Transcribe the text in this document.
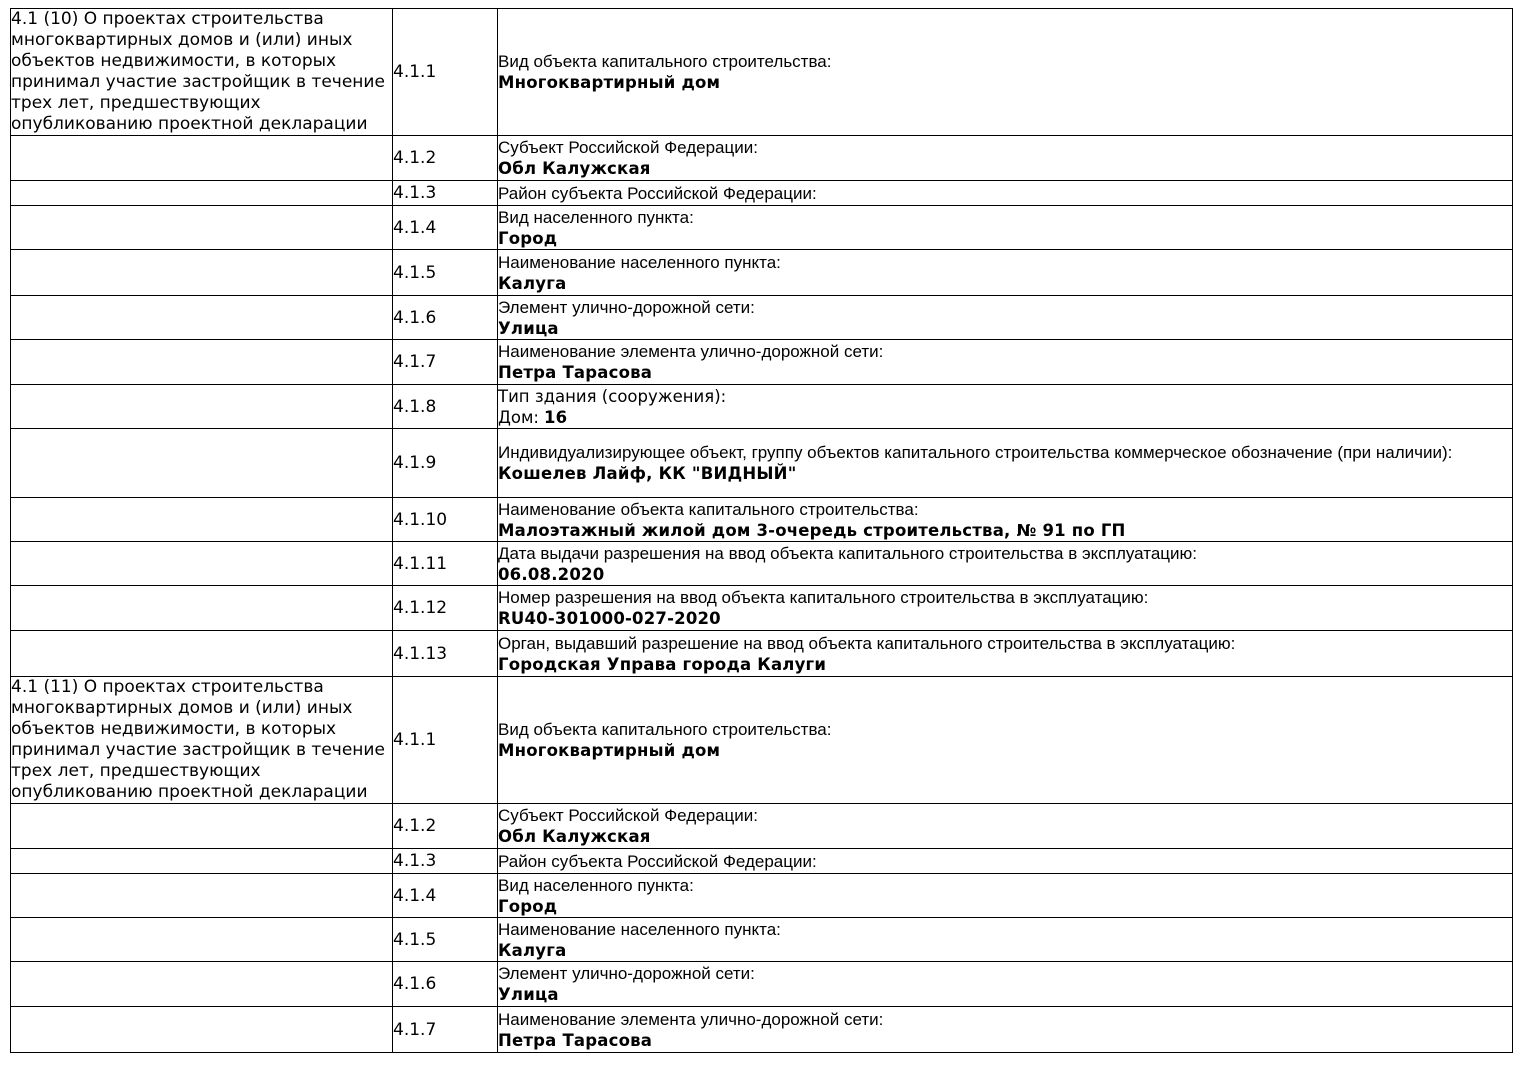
4.1 (10) О проектах строительства многоквартирных домов и (или) иных объектов недвижимости, в которых принимал участие застройщик в течение трех лет, предшествующих опубликованию проектной декларации	4.1.1	Вид объекта капитального строительства:
Многоквартирный дом

	4.1.2	Субъект Российской Федерации:
Обл Калужская

	4.1.3	Район субъекта Российской Федерации:

	4.1.4	Вид населенного пункта:
Город

	4.1.5	Наименование населенного пункта:
Калуга

	4.1.6	Элемент улично-дорожной сети:
Улица

	4.1.7	Наименование элемента улично-дорожной сети:
Петра Тарасова

	4.1.8	Тип здания (сооружения):
Дом: 16

	4.1.9	Индивидуализирующее объект, группу объектов капитального строительства коммерческое обозначение (при наличии):
Кошелев Лайф, КК "ВИДНЫЙ"

	4.1.10	Наименование объекта капитального строительства:
Малоэтажный жилой дом 3-очередь строительства, № 91 по ГП

	4.1.11	Дата выдачи разрешения на ввод объекта капитального строительства в эксплуатацию:
06.08.2020

	4.1.12	Номер разрешения на ввод объекта капитального строительства в эксплуатацию:
RU40-301000-027-2020

	4.1.13	Орган, выдавший разрешение на ввод объекта капитального строительства в эксплуатацию:
Городская Управа города Калуги

4.1 (11) О проектах строительства многоквартирных домов и (или) иных объектов недвижимости, в которых принимал участие застройщик в течение трех лет, предшествующих опубликованию проектной декларации	4.1.1	Вид объекта капитального строительства:
Многоквартирный дом

	4.1.2	Субъект Российской Федерации:
Обл Калужская

	4.1.3	Район субъекта Российской Федерации:

	4.1.4	Вид населенного пункта:
Город

	4.1.5	Наименование населенного пункта:
Калуга

	4.1.6	Элемент улично-дорожной сети:
Улица

	4.1.7	Наименование элемента улично-дорожной сети:
Петра Тарасова
